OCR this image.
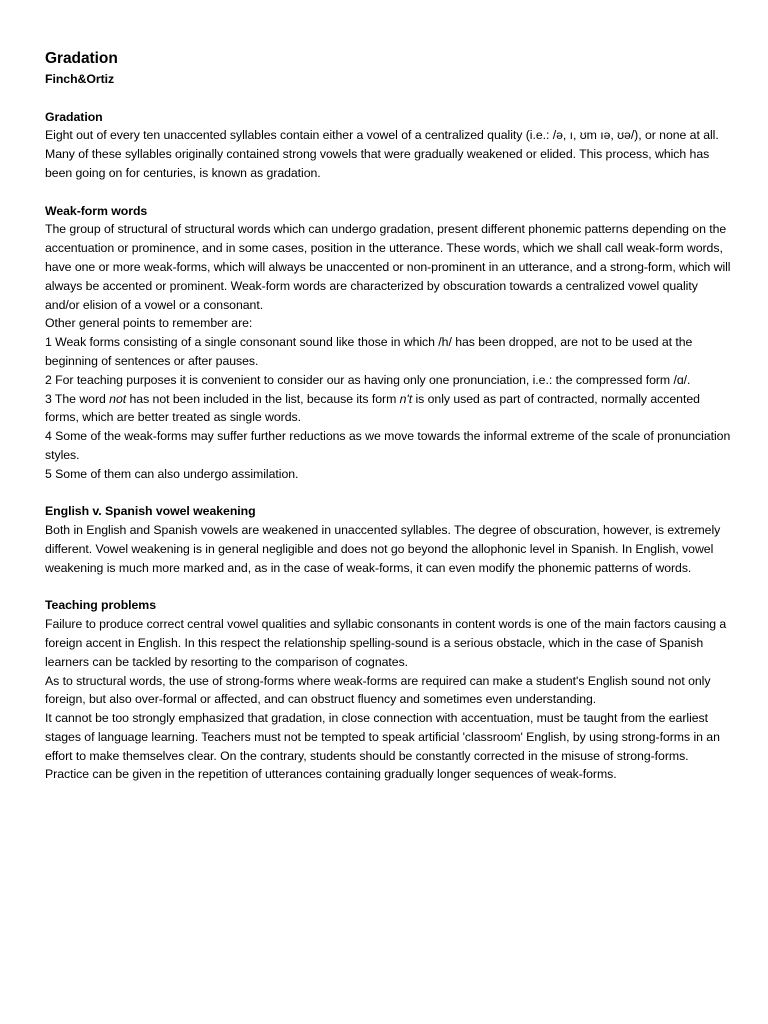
Gradation
Finch&Ortiz
Gradation

Eight out of every ten unaccented syllables contain either a vowel of a centralized quality (i.e.: /ə, ı, ʊm ıə, ʊə/), or none at all. Many of these syllables originally contained strong vowels that were gradually weakened or elided. This process, which has been going on for centuries, is known as gradation.

Weak-form words

The group of structural of structural words which can undergo gradation, present different phonemic patterns depending on the accentuation or prominence, and in some cases, position in the utterance. These words, which we shall call weak-form words, have one or more weak-forms, which will always be unaccented or non-prominent in an utterance, and a strong-form, which will always be accented or prominent. Weak-form words are characterized by obscuration towards a centralized vowel quality and/or elision of a vowel or a consonant.

Other general points to remember are:

1 Weak forms consisting of a single consonant sound like those in which /h/ has been dropped, are not to be used at the beginning of sentences or after pauses.

2 For teaching purposes it is convenient to consider our as having only one pronunciation, i.e.: the compressed form /ɑ/.

3 The word not has not been included in the list, because its form n't is only used as part of contracted, normally accented forms, which are better treated as single words.

4 Some of the weak-forms may suffer further reductions as we move towards the informal extreme of the scale of pronunciation styles.

5 Some of them can also undergo assimilation.

English v. Spanish vowel weakening

Both in English and Spanish vowels are weakened in unaccented syllables. The degree of obscuration, however, is extremely different. Vowel weakening is in general negligible and does not go beyond the allophonic level in Spanish. In English, vowel weakening is much more marked and, as in the case of weak-forms, it can even modify the phonemic patterns of words.

Teaching problems

Failure to produce correct central vowel qualities and syllabic consonants in content words is one of the main factors causing a foreign accent in English. In this respect the relationship spelling-sound is a serious obstacle, which in the case of Spanish learners can be tackled by resorting to the comparison of cognates.

As to structural words, the use of strong-forms where weak-forms are required can make a student's English sound not only foreign, but also over-formal or affected, and can obstruct fluency and sometimes even understanding.

It cannot be too strongly emphasized that gradation, in close connection with accentuation, must be taught from the earliest stages of language learning. Teachers must not be tempted to speak artificial 'classroom' English, by using strong-forms in an effort to make themselves clear. On the contrary, students should be constantly corrected in the misuse of strong-forms. Practice can be given in the repetition of utterances containing gradually longer sequences of weak-forms.
